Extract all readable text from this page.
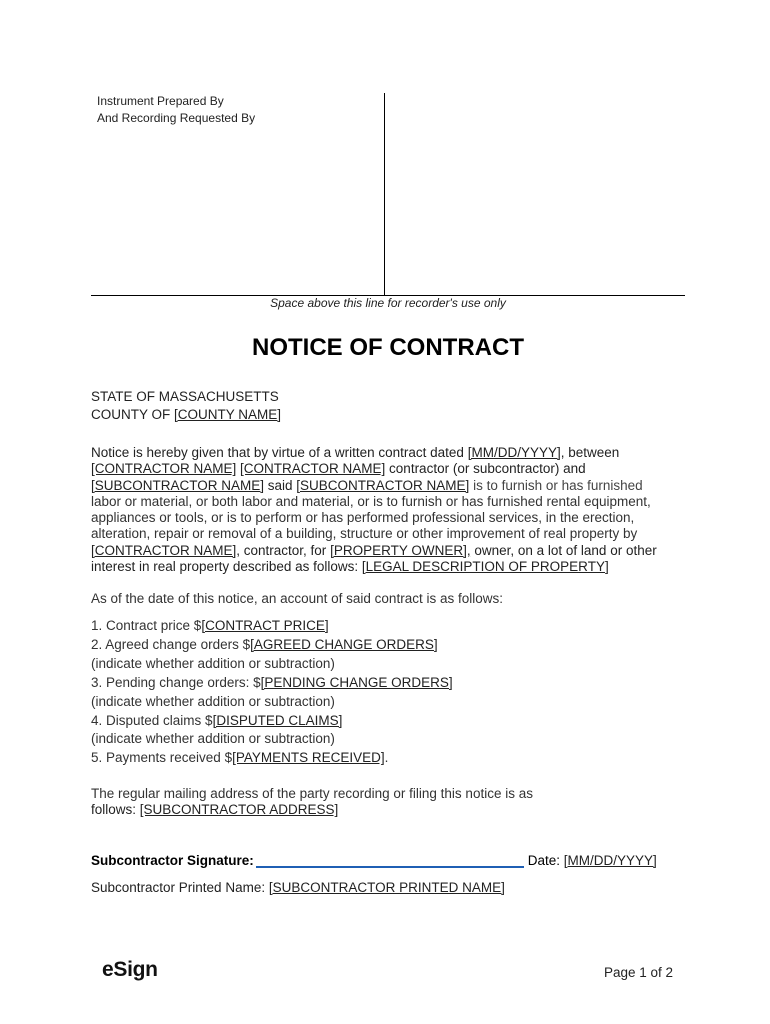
Instrument Prepared By
And Recording Requested By
Space above this line for recorder's use only
NOTICE OF CONTRACT
STATE OF MASSACHUSETTS
COUNTY OF [COUNTY NAME]
Notice is hereby given that by virtue of a written contract dated [MM/DD/YYYY], between
[CONTRACTOR NAME] [CONTRACTOR NAME] contractor (or subcontractor) and
[SUBCONTRACTOR NAME] said [SUBCONTRACTOR NAME] is to furnish or has furnished
labor or material, or both labor and material, or is to furnish or has furnished rental equipment,
appliances or tools, or is to perform or has performed professional services, in the erection,
alteration, repair or removal of a building, structure or other improvement of real property by
[CONTRACTOR NAME], contractor, for [PROPERTY OWNER], owner, on a lot of land or other
interest in real property described as follows: [LEGAL DESCRIPTION OF PROPERTY]
As of the date of this notice, an account of said contract is as follows:
1. Contract price $[CONTRACT PRICE]
2. Agreed change orders $[AGREED CHANGE ORDERS]
(indicate whether addition or subtraction)
3. Pending change orders: $[PENDING CHANGE ORDERS]
(indicate whether addition or subtraction)
4. Disputed claims $[DISPUTED CLAIMS]
(indicate whether addition or subtraction)
5. Payments received $[PAYMENTS RECEIVED].
The regular mailing address of the party recording or filing this notice is as
follows: [SUBCONTRACTOR ADDRESS]
Subcontractor Signature:	Date: [MM/DD/YYYY]
Subcontractor Printed Name: [SUBCONTRACTOR PRINTED NAME]
eSign	Page 1 of 2
